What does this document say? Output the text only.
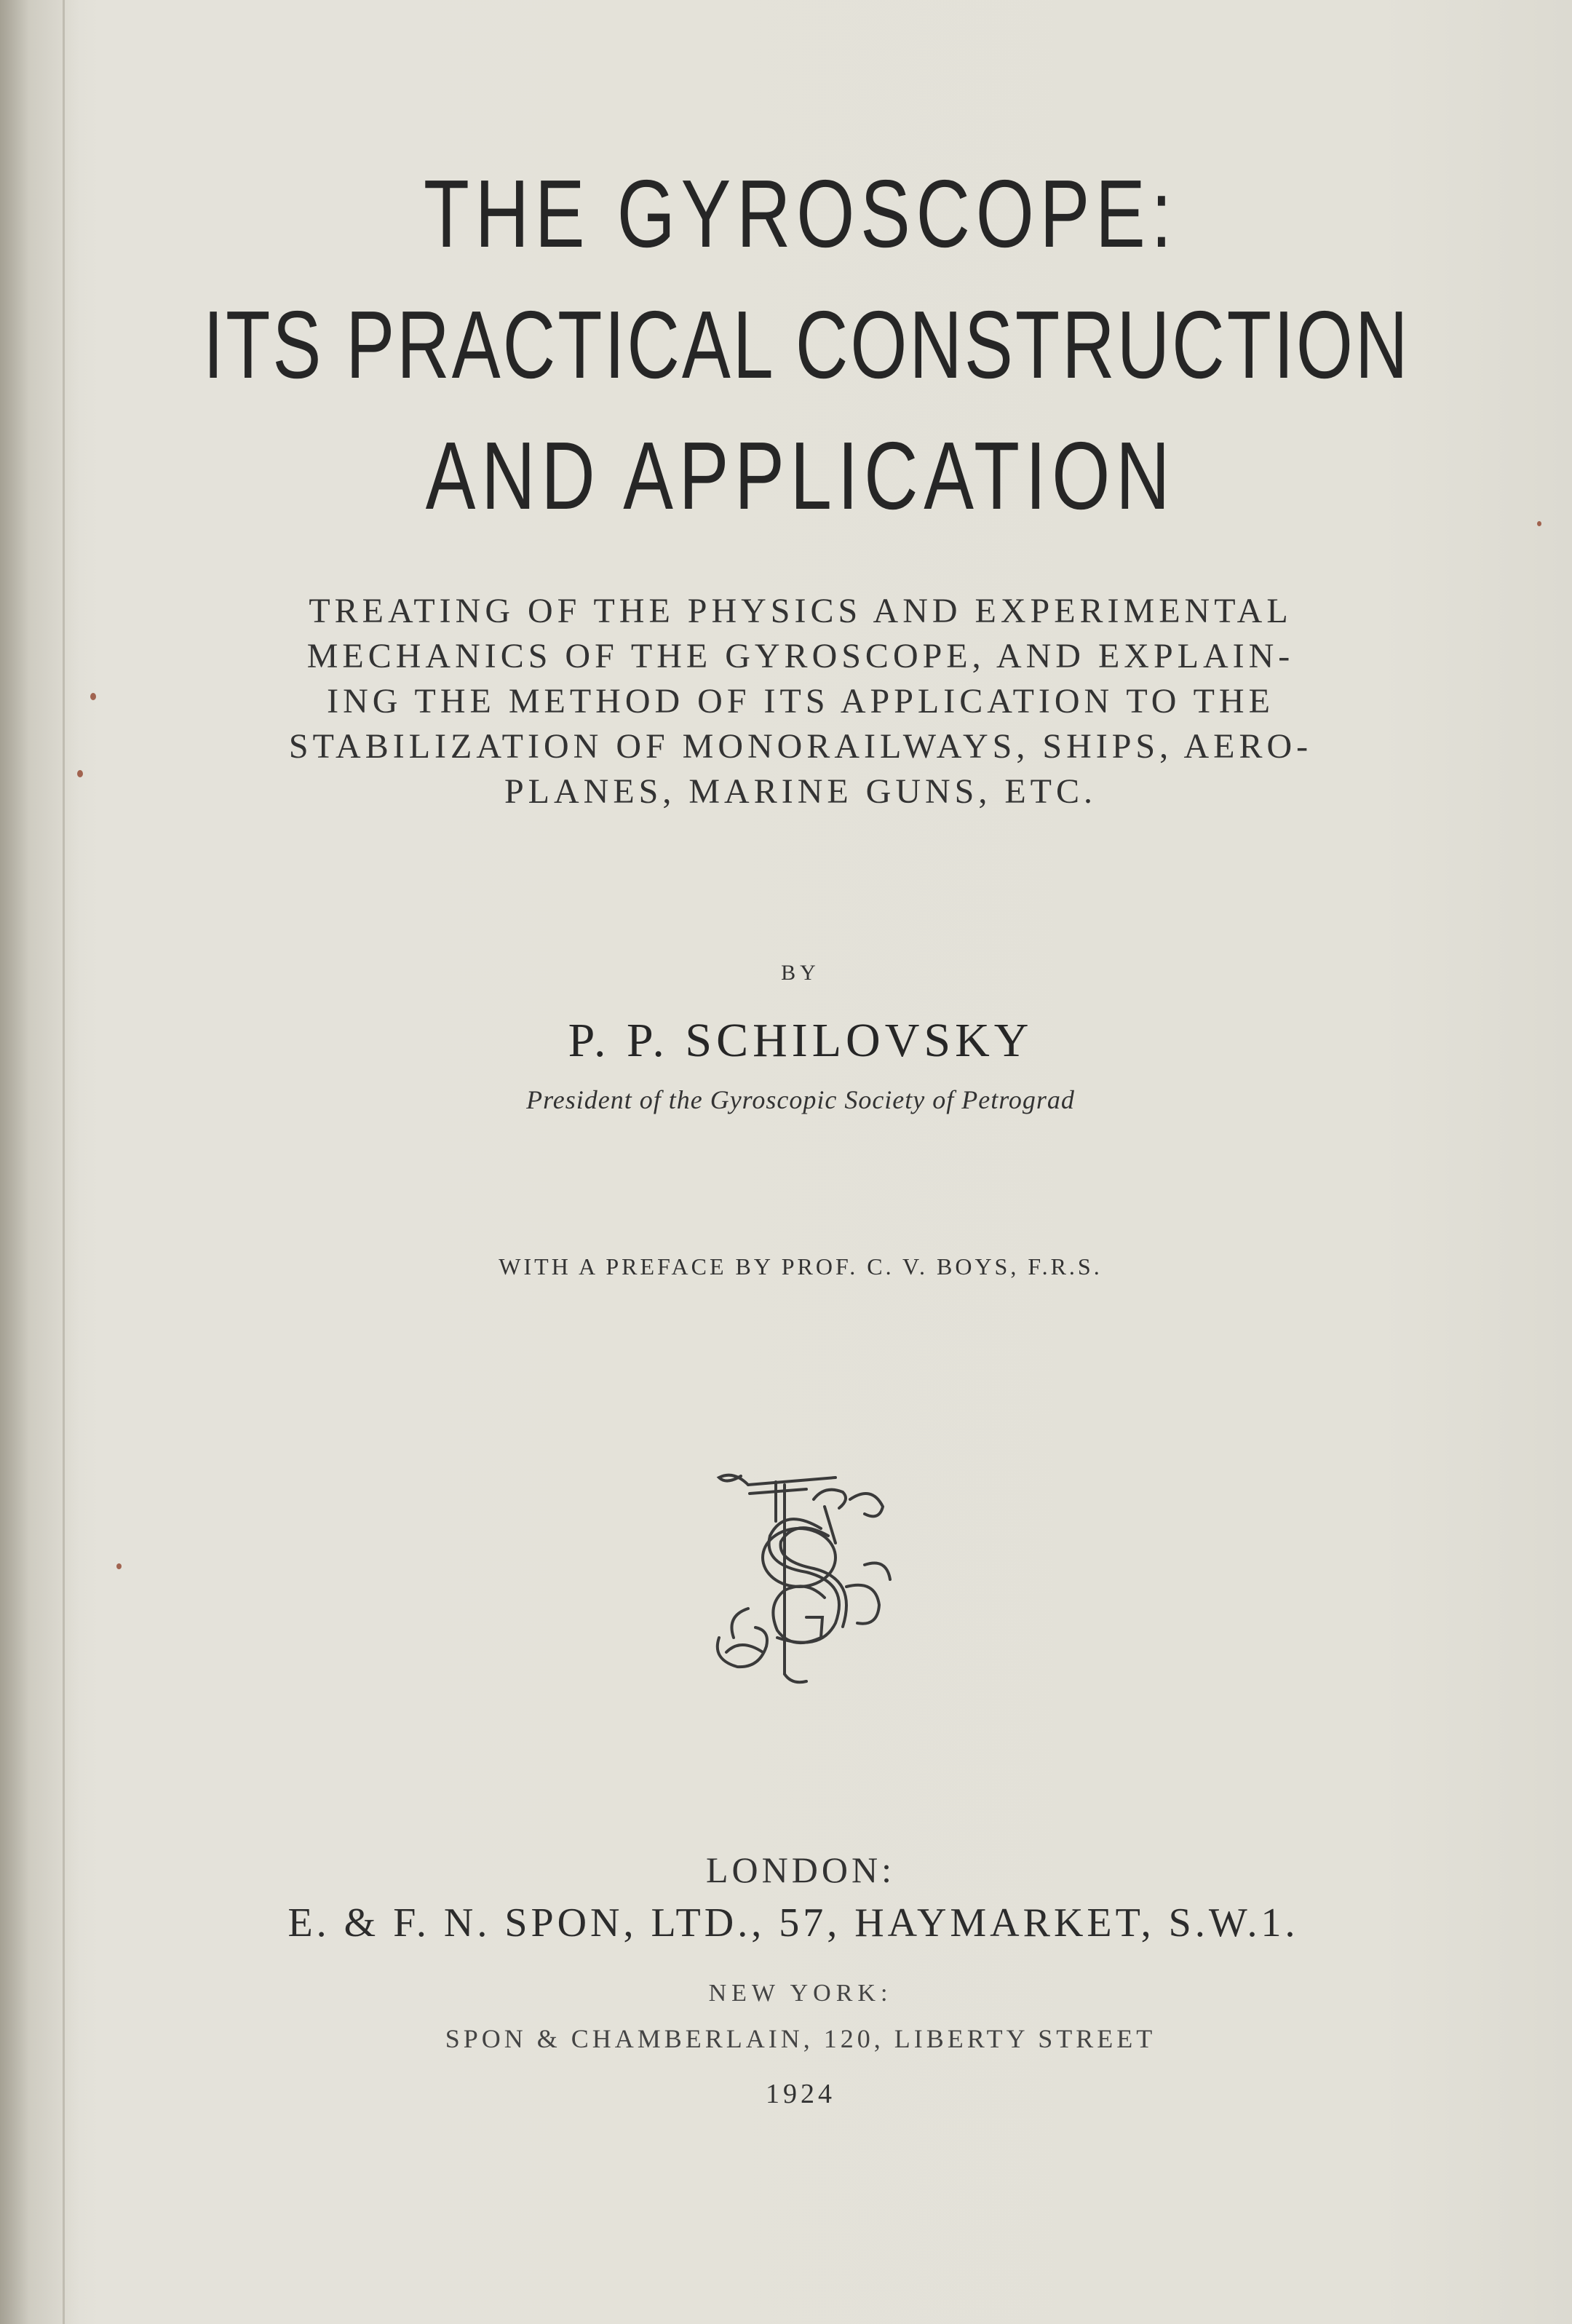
THE GYROSCOPE:
ITS PRACTICAL CONSTRUCTION
AND APPLICATION
TREATING OF THE PHYSICS AND EXPERIMENTAL
MECHANICS OF THE GYROSCOPE, AND EXPLAIN-
ING THE METHOD OF ITS APPLICATION TO THE
STABILIZATION OF MONORAILWAYS, SHIPS, AERO-
PLANES, MARINE GUNS, ETC.
BY
P. P. SCHILOVSKY
President of the Gyroscopic Society of Petrograd
WITH A PREFACE BY PROF. C. V. BOYS, F.R.S.
LONDON:
E. & F. N. SPON, LTD., 57, HAYMARKET, S.W.1.
NEW YORK:
SPON & CHAMBERLAIN, 120, LIBERTY STREET
1924
